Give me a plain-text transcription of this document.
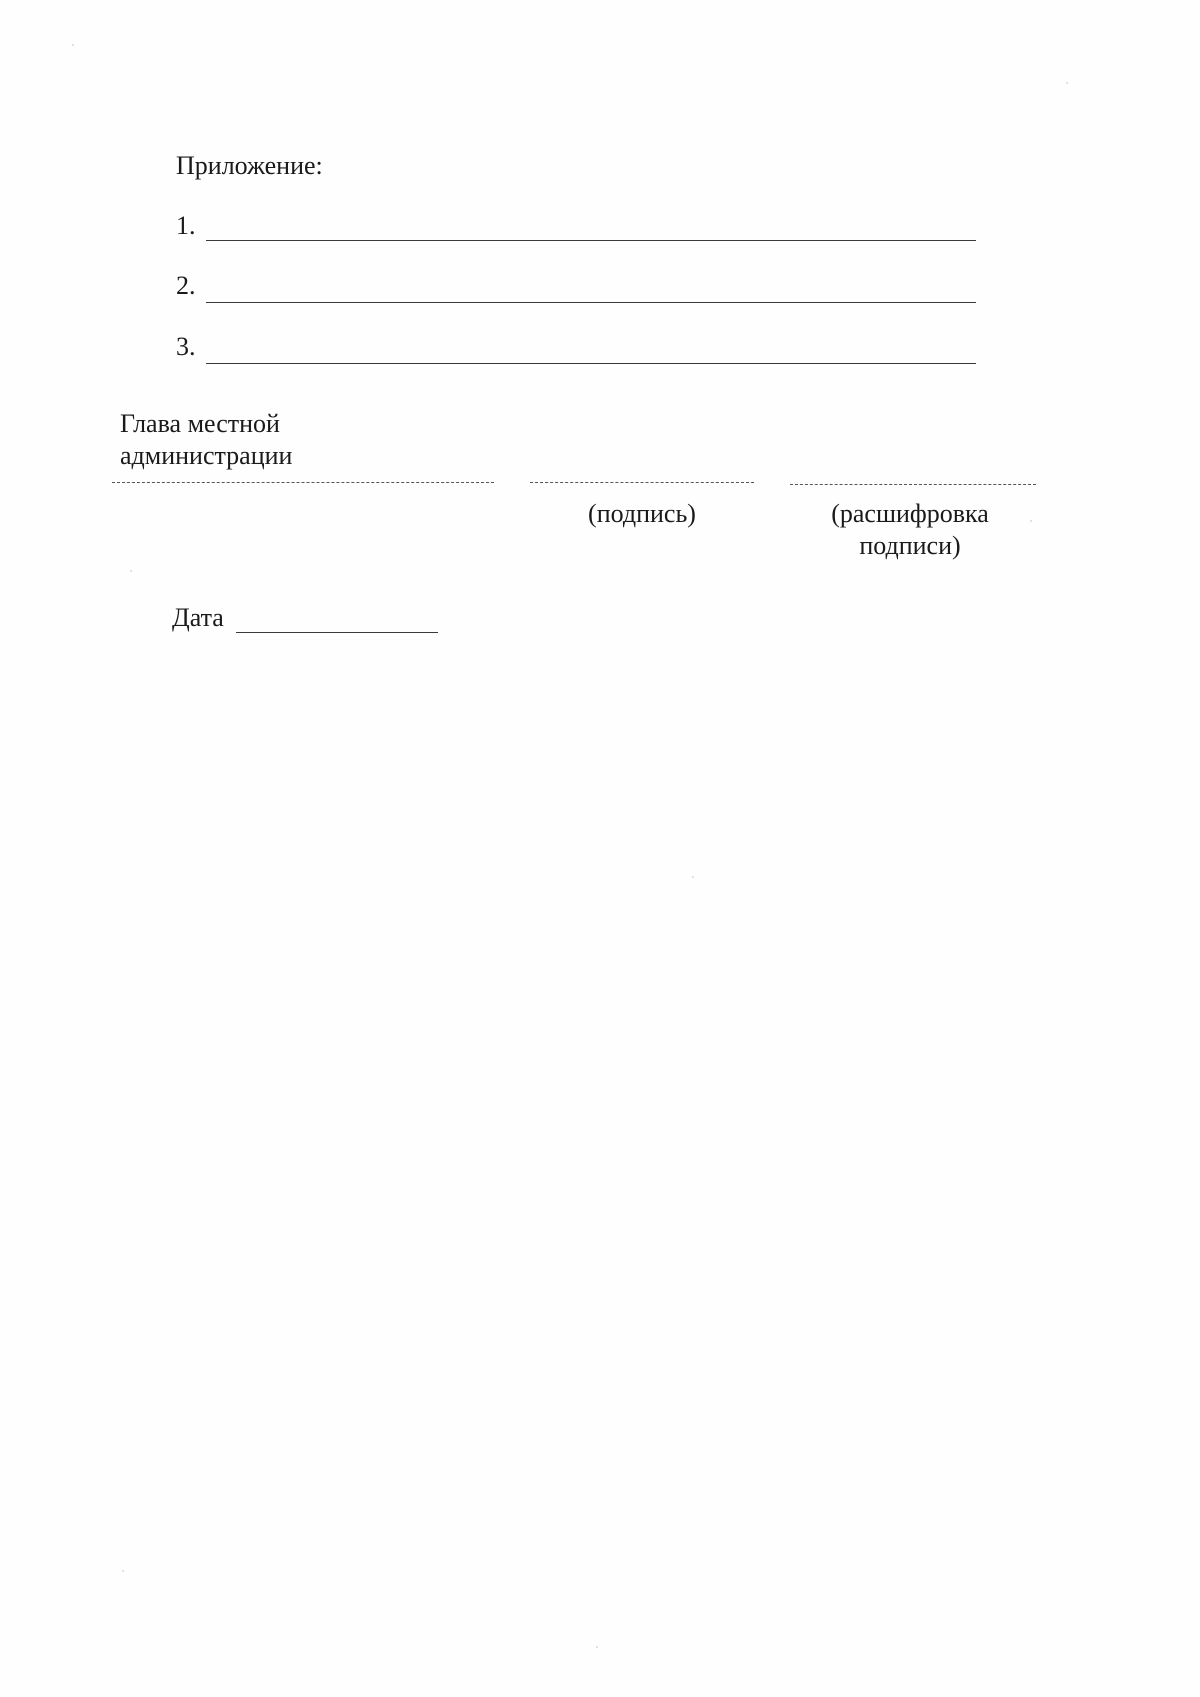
Приложение:
1.
2.
3.
Глава местной
администрации
(подпись)	(расшифровка
подписи)
Дата
